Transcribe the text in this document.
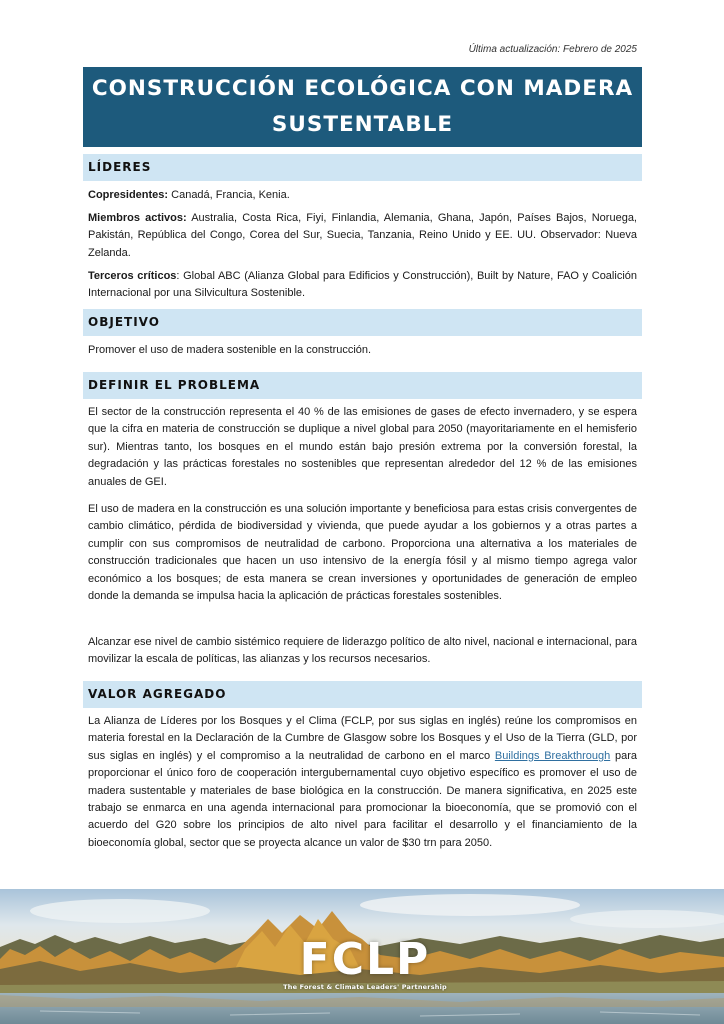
Última actualización: Febrero de 2025
CONSTRUCCIÓN ECOLÓGICA CON MADERA
SUSTENTABLE
LÍDERES

Copresidentes: Canadá, Francia, Kenia.

Miembros activos: Australia, Costa Rica, Fiyi, Finlandia, Alemania, Ghana, Japón, Países Bajos, Noruega, Pakistán, República del Congo, Corea del Sur, Suecia, Tanzania, Reino Unido y EE. UU. Observador: Nueva Zelanda.

Terceros críticos: Global ABC (Alianza Global para Edificios y Construcción), Built by Nature, FAO y Coalición Internacional por una Silvicultura Sostenible.

OBJETIVO

Promover el uso de madera sostenible en la construcción.

DEFINIR EL PROBLEMA

El sector de la construcción representa el 40 % de las emisiones de gases de efecto invernadero, y se espera que la cifra en materia de construcción se duplique a nivel global para 2050 (mayoritariamente en el hemisferio sur). Mientras tanto, los bosques en el mundo están bajo presión extrema por la conversión forestal, la degradación y las prácticas forestales no sostenibles que representan alrededor del 12 % de las emisiones anuales de GEI.

El uso de madera en la construcción es una solución importante y beneficiosa para estas crisis convergentes de cambio climático, pérdida de biodiversidad y vivienda, que puede ayudar a los gobiernos y a otras partes a cumplir con sus compromisos de neutralidad de carbono. Proporciona una alternativa a los materiales de construcción tradicionales que hacen un uso intensivo de la energía fósil y al mismo tiempo agrega valor económico a los bosques; de esta manera se crean inversiones y oportunidades de generación de empleo donde la demanda se impulsa hacia la aplicación de prácticas forestales sostenibles.

Alcanzar ese nivel de cambio sistémico requiere de liderazgo político de alto nivel, nacional e internacional, para movilizar la escala de políticas, las alianzas y los recursos necesarios.

VALOR AGREGADO

La Alianza de Líderes por los Bosques y el Clima (FCLP, por sus siglas en inglés) reúne los compromisos en materia forestal en la Declaración de la Cumbre de Glasgow sobre los Bosques y el Uso de la Tierra (GLD, por sus siglas en inglés) y el compromiso a la neutralidad de carbono en el marco Buildings Breakthrough para proporcionar el único foro de cooperación intergubernamental cuyo objetivo específico es promover el uso de madera sustentable y materiales de base biológica en la construcción. De manera significativa, en 2025 este trabajo se enmarca en una agenda internacional para promocionar la bioeconomía, que se promovió con el acuerdo del G20 sobre los principios de alto nivel para facilitar el desarrollo y el financiamiento de la bioeconomía global, sector que se proyecta alcance un valor de $30 trn para 2050.

FCLP
The Forest & Climate Leaders' Partnership
